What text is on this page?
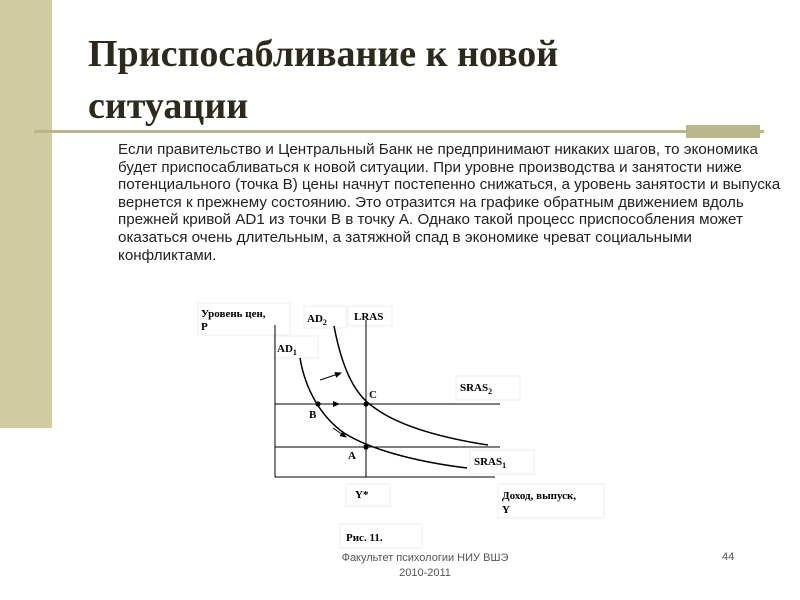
Приспосабливание к новой
ситуации
Если правительство и Центральный Банк не предпринимают никаких шагов, то экономика будет приспосабливаться к новой ситуации. При уровне производства и занятости ниже потенциального (точка В) цены начнут постепенно снижаться, а уровень занятости и выпуска вернется к прежнему состоянию. Это отразится на графике обратным движением вдоль прежней кривой AD1 из точки В в точку А. Однако такой процесс приспособления может оказаться очень длительным, а затяжной спад в экономике чреват социальными конфликтами.
Уровень цен,
P
$AD_1$
$AD_2$ LRAS
$SRAS_2$
$SRAS_1$
C
B
A
Y*	Доход, выпуск,
Y
Рис. 11.
Факультет психологии НИУ ВШЭ
2010-2011
44
